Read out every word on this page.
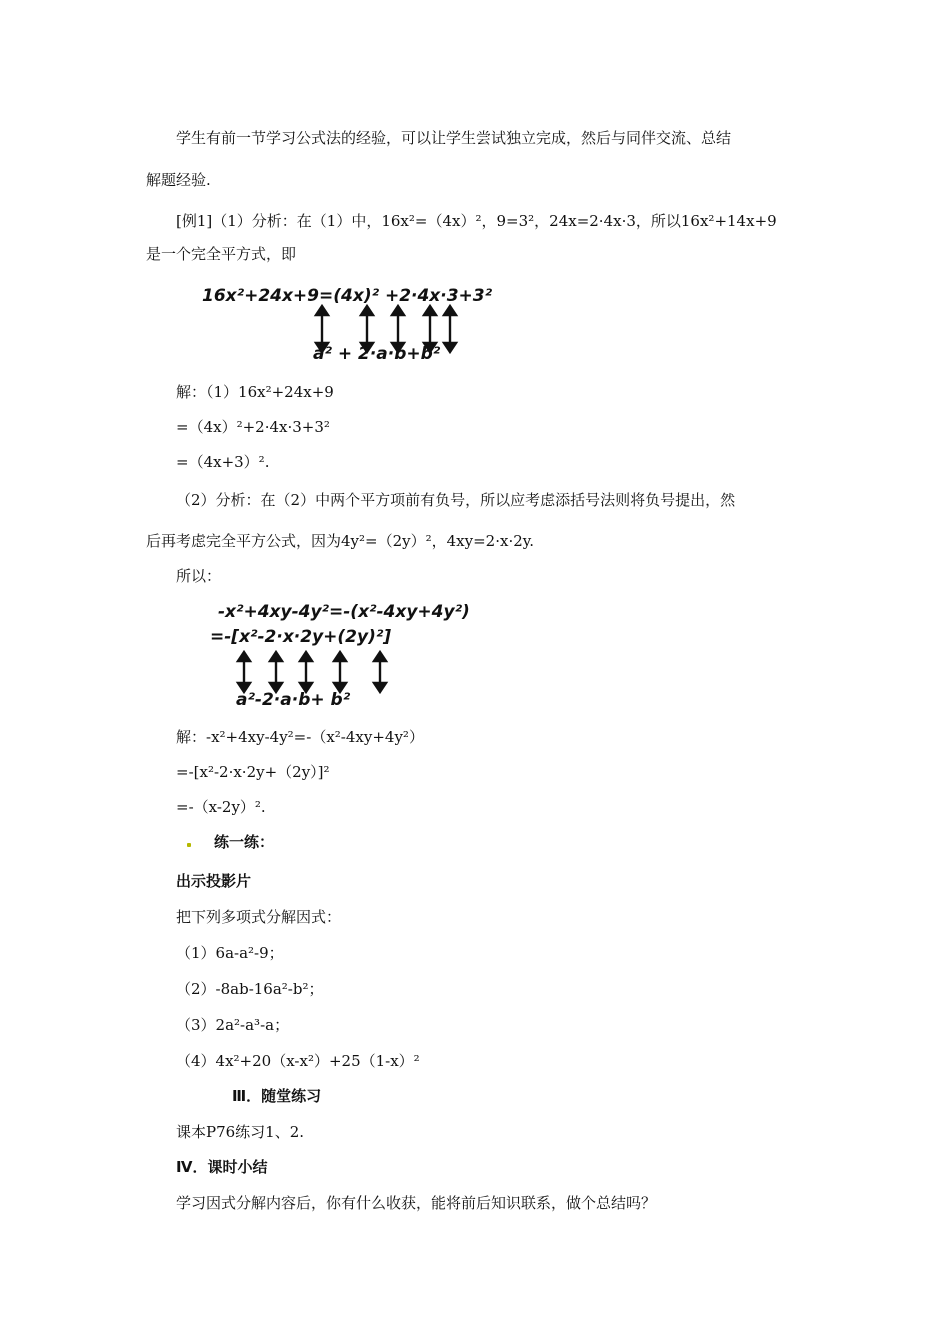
学生有前一节学习公式法的经验，可以让学生尝试独立完成，然后与同伴交流、总结
解题经验.
[例1]（1）分析：在（1）中，16x²=（4x）²，9=3²，24x=2·4x·3，所以16x²+14x+9
是一个完全平方式，即
16x²+24x+9=(4x)² +2·4x·3+3²
a² + 2·a·b+b²
解：（1）16x²+24x+9
=（4x）²+2·4x·3+3²
=（4x+3）².
（2）分析：在（2）中两个平方项前有负号，所以应考虑添括号法则将负号提出，然
后再考虑完全平方公式，因为4y²=（2y）²，4xy=2·x·2y.
所以：
-x²+4xy-4y²=-(x²-4xy+4y²)
=-[x²-2·x·2y+(2y)²]
a²-2·a·b+ b²
解：-x²+4xy-4y²=-（x²-4xy+4y²）
=-[x²-2·x·2y+（2y）]²
=-（x-2y）².
练一练：
出示投影片
把下列多项式分解因式：
（1）6a-a²-9；
（2）-8ab-16a²-b²；
（3）2a²-a³-a；
（4）4x²+20（x-x²）+25（1-x）²
Ⅲ．随堂练习
课本P76练习1、2.
Ⅳ．课时小结
学习因式分解内容后，你有什么收获，能将前后知识联系，做个总结吗？
